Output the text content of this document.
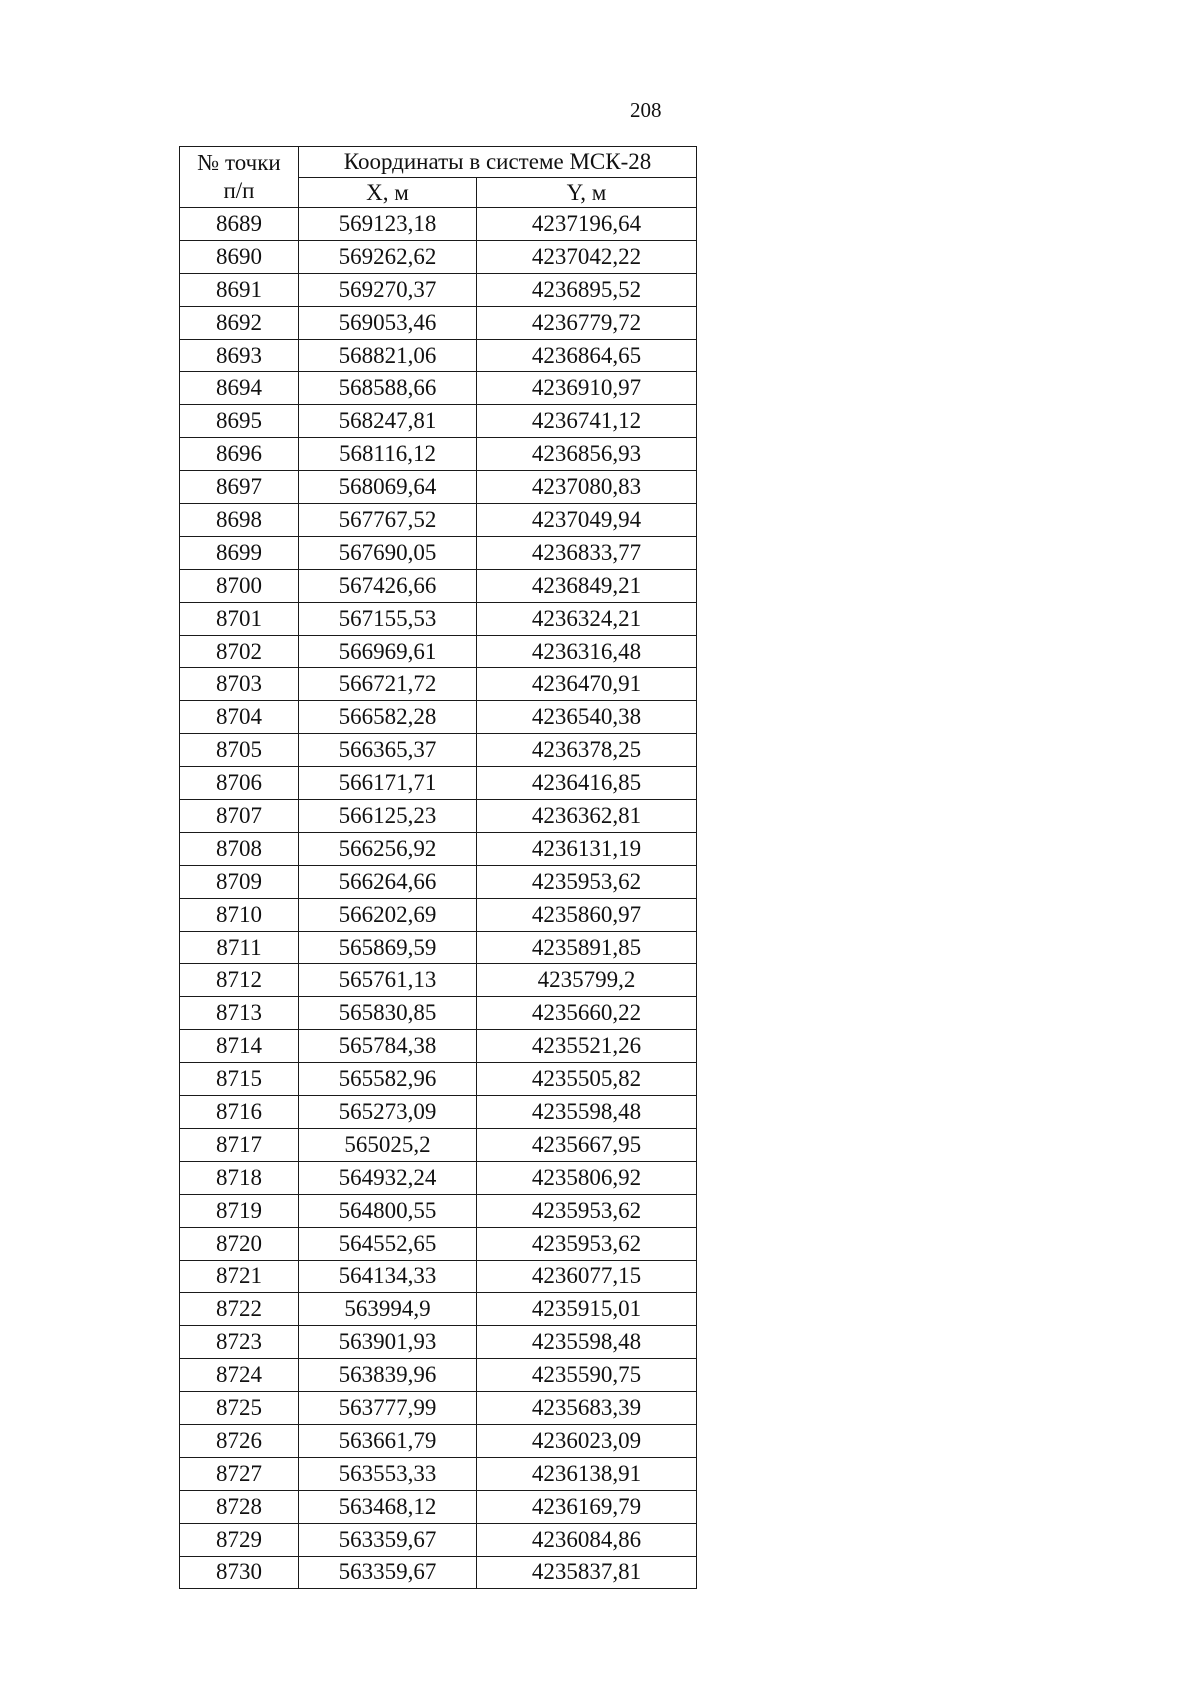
208
№ точки
п/п	Координаты в системе МСК-28	
	X, м	Y, м
8689	569123,18	4237196,64
8690	569262,62	4237042,22
8691	569270,37	4236895,52
8692	569053,46	4236779,72
8693	568821,06	4236864,65
8694	568588,66	4236910,97
8695	568247,81	4236741,12
8696	568116,12	4236856,93
8697	568069,64	4237080,83
8698	567767,52	4237049,94
8699	567690,05	4236833,77
8700	567426,66	4236849,21
8701	567155,53	4236324,21
8702	566969,61	4236316,48
8703	566721,72	4236470,91
8704	566582,28	4236540,38
8705	566365,37	4236378,25
8706	566171,71	4236416,85
8707	566125,23	4236362,81
8708	566256,92	4236131,19
8709	566264,66	4235953,62
8710	566202,69	4235860,97
8711	565869,59	4235891,85
8712	565761,13	4235799,2
8713	565830,85	4235660,22
8714	565784,38	4235521,26
8715	565582,96	4235505,82
8716	565273,09	4235598,48
8717	565025,2	4235667,95
8718	564932,24	4235806,92
8719	564800,55	4235953,62
8720	564552,65	4235953,62
8721	564134,33	4236077,15
8722	563994,9	4235915,01
8723	563901,93	4235598,48
8724	563839,96	4235590,75
8725	563777,99	4235683,39
8726	563661,79	4236023,09
8727	563553,33	4236138,91
8728	563468,12	4236169,79
8729	563359,67	4236084,86
8730	563359,67	4235837,81
